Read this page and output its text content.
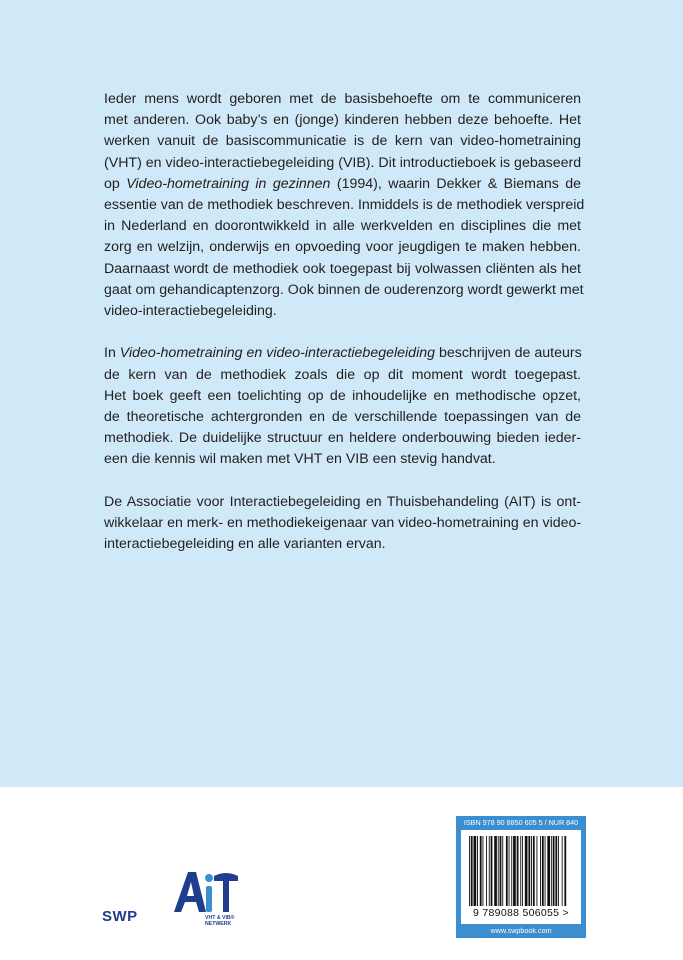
Ieder mens wordt geboren met de basisbehoefte om te communiceren
met anderen. Ook baby’s en (jonge) kinderen hebben deze behoefte. Het
werken vanuit de basiscommunicatie is de kern van video-hometraining
(VHT) en video-interactiebegeleiding (VIB). Dit introductieboek is gebaseerd
op Video-hometraining in gezinnen (1994), waarin Dekker & Biemans de
essentie van de methodiek beschreven. Inmiddels is de methodiek verspreid
in Nederland en doorontwikkeld in alle werkvelden en disciplines die met
zorg en welzijn, onderwijs en opvoeding voor jeugdigen te maken hebben.
Daarnaast wordt de methodiek ook toegepast bij volwassen cliënten als het
gaat om gehandicaptenzorg. Ook binnen de ouderenzorg wordt gewerkt met
video-interactiebegeleiding.

In Video-hometraining en video-interactiebegeleiding beschrijven de auteurs
de kern van de methodiek zoals die op dit moment wordt toegepast.
Het boek geeft een toelichting op de inhoudelijke en methodische opzet,
de theoretische achtergronden en de verschillende toepassingen van de
methodiek. De duidelijke structuur en heldere onderbouwing bieden ieder-
een die kennis wil maken met VHT en VIB een stevig handvat.

De Associatie voor Interactiebegeleiding en Thuisbehandeling (AIT) is ont-
wikkelaar en merk- en methodiekeigenaar van video-hometraining en video-
interactiebegeleiding en alle varianten ervan.

ISBN 978 90 8850 605 5 / NUR 840
9 789088 506055 >
www.swpbook.com
SWP	VHT & VIB®
NETWERK
